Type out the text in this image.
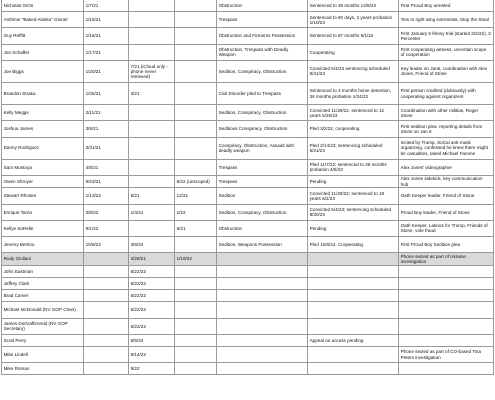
Nicholas Ochs	1/7/21			Obstruction	Sentenced to 36 months 12/9/22	First Proud Boy arrested
Anthime "Baked Alaska" Gionet	1/15/21			Trespass	Sentenced to 60 days, 2 years probation 1/10/23	Ties to right wing extremists, Stop the Steal
Guy Reffitt	1/16/21			Obstruction and Firearms Possession	Sentenced to 87 months 8/1/22	First January 6 felony trial (started 3/2/22), 3 Percenter
Jon Schaffer	1/17/21			Obstruction, Trespass with Deadly Weapon	Cooperating	First cooperating witness, uncertain scope of cooperation
Joe Biggs	1/20/21	7/21 (iCloud only - phone never retrieved)		Sedition, Conspiracy, Obstruction	Convicted 5/4/23 sentencing scheduled 8/31/23	Key leader on Jan6, coordination with Alex Jones, Friend of Stone
Brandon Straka	1/25/21	3/21		Civil Disorder pled to Trespass	Sentenced to 3 months home detention, 36 months probation 1/24/22	First person credited (dubiously) with cooperating against organizers
Kelly Meggs	2/11/21			Sedition, Conspiracy, Obstruction	Convicted 11/29/22, sentenced to 12 years 5/25/23	Coordination with other militias, Roger Stone
Joshua James	3/9/21			Seditious Conspiracy, Obstruction	Pled 3/2/22, cooperating	First sedition plea, reporting details from Stone on Jan 6
Danny Rodriguez	3/31/21			Conspiracy, Obstruction, Assault with deadly weapon	Pled 2/14/23; sentencing scheduled 6/21/23	Incited by Trump, SoCal anti-mask organizing, confessed he knew there might be casualties, tased Michael Fanone
Sam Montoya	4/8/21			Trespass	Pled 11/7/22; sentenced to 36 months probation 4/5/23	Alex Jones' videographer
Owen Shroyer	8/23/21		6/22 (unscoped)	Trespass	Pending	Alex Jones sidekick, key communication hub
Stewart Rhodes	1/13/22	5/21	12/21	Sedition	Convicted 11/29/22; sentenced to 18 years 5/2/23	Oath Keeper leader, Friend of Stone
Enrique Tarrio	3/8/22	1/4/21	1/22	Sedition, Conspiracy, Obstruction	Convicted 5/4/23; sentencing scheduled 8/30/23	Proud Boy leader, Friend of Stone
Kellye SoRelle	9/1/22		6/21	Obstruction	Pending	Oath Keeper, Latinos for Trump, Friends of Stone, vote fraud
Jeremy Bertino	10/6/22	3/8/22		Sedition, Weapons Possession	Pled 10/6/22, Cooperating	First Proud Boy Sedition plea
Rudy Giuliani		4/28/21	1/19/22			Phone seized as part of Ukraine investigation
John Eastman		6/22/22				
Jeffrey Clark		6/22/22				
Brad Carver		6/22/22				
Michael McDonald (NV GOP Chair)		6/22/22				
James DeGraffenreid (NV GOP Secretary)		6/22/22				
Scott Perry		8/9/22			Appeal on access pending	
Mike Lindell		9/14/22				Phone seized as part of CO-based Tina Peters investigation
Mike Roman		9/22				
